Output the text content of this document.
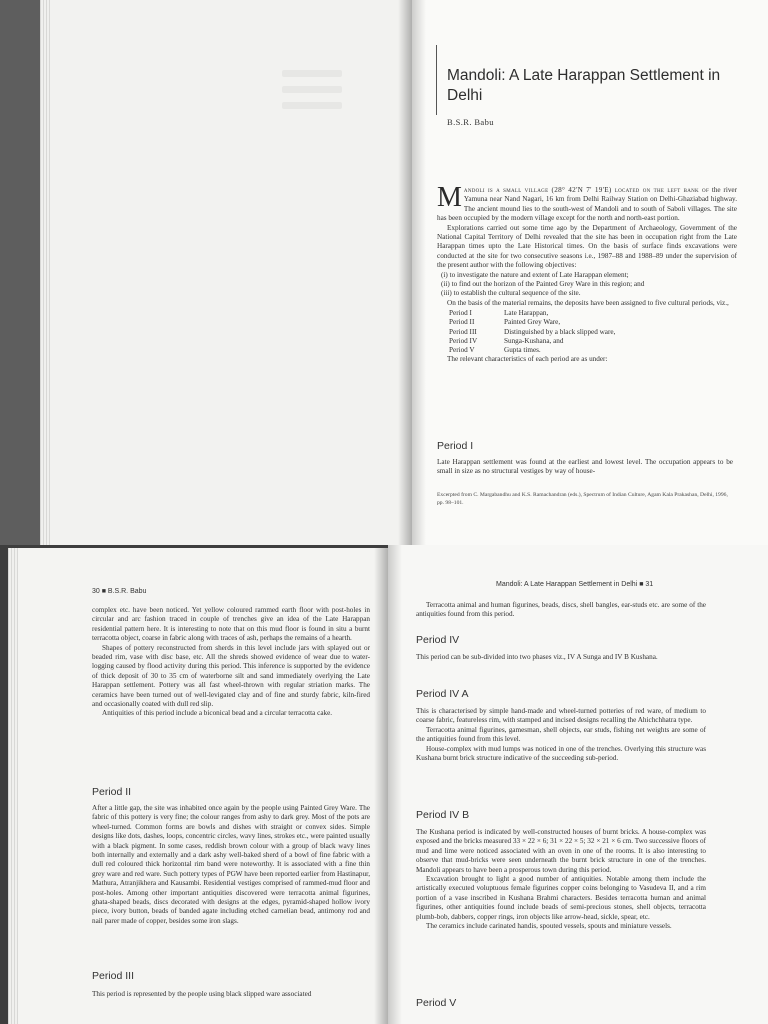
Mandoli: A Late Harappan Settlement in Delhi
B.S.R. Babu

M andoli is a small village (28° 42'N 7' 19'E) located on the left bank of the river Yamuna near Nand Nagari, 16 km from Delhi Railway Station on Delhi-Ghaziabad highway. The ancient mound lies to the south-west of Mandoli and to south of Saboli villages. The site has been occupied by the modern village except for the north and north-east portion.

Explorations carried out some time ago by the Department of Archaeology, Government of the National Capital Territory of Delhi revealed that the site has been in occupation right from the Late Harappan times upto the Late Historical times. On the basis of surface finds excavations were conducted at the site for two consecutive seasons i.e., 1987–88 and 1988–89 under the supervision of the present author with the following objectives:

(i) to investigate the nature and extent of Late Harappan element;

(ii) to find out the horizon of the Painted Grey Ware in this region; and

(iii) to establish the cultural sequence of the site.

On the basis of the material remains, the deposits have been assigned to five cultural periods, viz.,

Period I	Late Harappan,
Period II	Painted Grey Ware,
Period III	Distinguished by a black slipped ware,
Period IV	Sunga-Kushana, and
Period V	Gupta times.

The relevant characteristics of each period are as under:

Period I
Late Harappan settlement was found at the earliest and lowest level. The occupation appears to be small in size as no structural vestiges by way of house-
Excerpted from C. Margabandhu and K.S. Ramachandran (eds.), Spectrum of Indian Culture, Agam Kala Prakashan, Delhi, 1996, pp. 98–101.
30 ■ B.S.R. Babu

complex etc. have been noticed. Yet yellow coloured rammed earth floor with post-holes in circular and arc fashion traced in couple of trenches give an idea of the Late Harappan residential pattern here. It is interesting to note that on this mud floor is found in situ a burnt terracotta object, coarse in fabric along with traces of ash, perhaps the remains of a hearth.

Shapes of pottery reconstructed from sherds in this level include jars with splayed out or beaded rim, vase with disc base, etc. All the shreds showed evidence of wear due to water-logging caused by flood activity during this period. This inference is supported by the evidence of thick deposit of 30 to 35 cm of waterborne silt and sand immediately overlying the Late Harappan settlement. Pottery was all fast wheel-thrown with regular striation marks. The ceramics have been turned out of well-levigated clay and of fine and sturdy fabric, kiln-fired and occasionally coated with dull red slip.

Antiquities of this period include a biconical bead and a circular terracotta cake.

Period II
After a little gap, the site was inhabited once again by the people using Painted Grey Ware. The fabric of this pottery is very fine; the colour ranges from ashy to dark grey. Most of the pots are wheel-turned. Common forms are bowls and dishes with straight or convex sides. Simple designs like dots, dashes, loops, concentric circles, wavy lines, strokes etc., were painted usually with a black pigment. In some cases, reddish brown colour with a group of black wavy lines both internally and externally and a dark ashy well-baked sherd of a bowl of fine fabric with a dull red coloured thick horizontal rim band were noteworthy. It is associated with a fine thin grey ware and red ware. Such pottery types of PGW have been reported earlier from Hastinapur, Mathura, Atranjikhera and Kausambi. Residential vestiges comprised of rammed-mud floor and post-holes. Among other important antiquities discovered were terracotta animal figurines, ghata-shaped beads, discs decorated with designs at the edges, pyramid-shaped hollow ivory piece, ivory button, beads of banded agate including etched carnelian bead, antimony rod and nail parer made of copper, besides some iron slags.
Period III
This period is represented by the people using black slipped ware associated
Mandoli: A Late Harappan Settlement in Delhi ■ 31
Terracotta animal and human figurines, beads, discs, shell bangles, ear-studs etc. are some of the antiquities found from this period.
Period IV
This period can be sub-divided into two phases viz., IV A Sunga and IV B Kushana.
Period IV A

This is characterised by simple hand-made and wheel-turned potteries of red ware, of medium to coarse fabric, featureless rim, with stamped and incised designs recalling the Ahichchhatra type.

Terracotta animal figurines, gamesman, shell objects, ear studs, fishing net weights are some of the antiquities found from this level.

House-complex with mud lumps was noticed in one of the trenches. Overlying this structure was Kushana burnt brick structure indicative of the succeeding sub-period.

Period IV B

The Kushana period is indicated by well-constructed houses of burnt bricks. A house-complex was exposed and the bricks measured 33 × 22 × 6; 31 × 22 × 5; 32 × 21 × 6 cm. Two successive floors of mud and lime were noticed associated with an oven in one of the rooms. It is also interesting to observe that mud-bricks were seen underneath the burnt brick structure in one of the trenches. Mandoli appears to have been a prosperous town during this period.

Excavation brought to light a good number of antiquities. Notable among them include the artistically executed voluptuous female figurines copper coins belonging to Vasudeva II, and a rim portion of a vase inscribed in Kushana Brahmi characters. Besides terracotta human and animal figurines, other antiquities found include beads of semi-precious stones, shell objects, terracotta plumb-bob, dabbers, copper rings, iron objects like arrow-head, sickle, spear, etc.

The ceramics include carinated handis, spouted vessels, spouts and miniature vessels.

Period V
